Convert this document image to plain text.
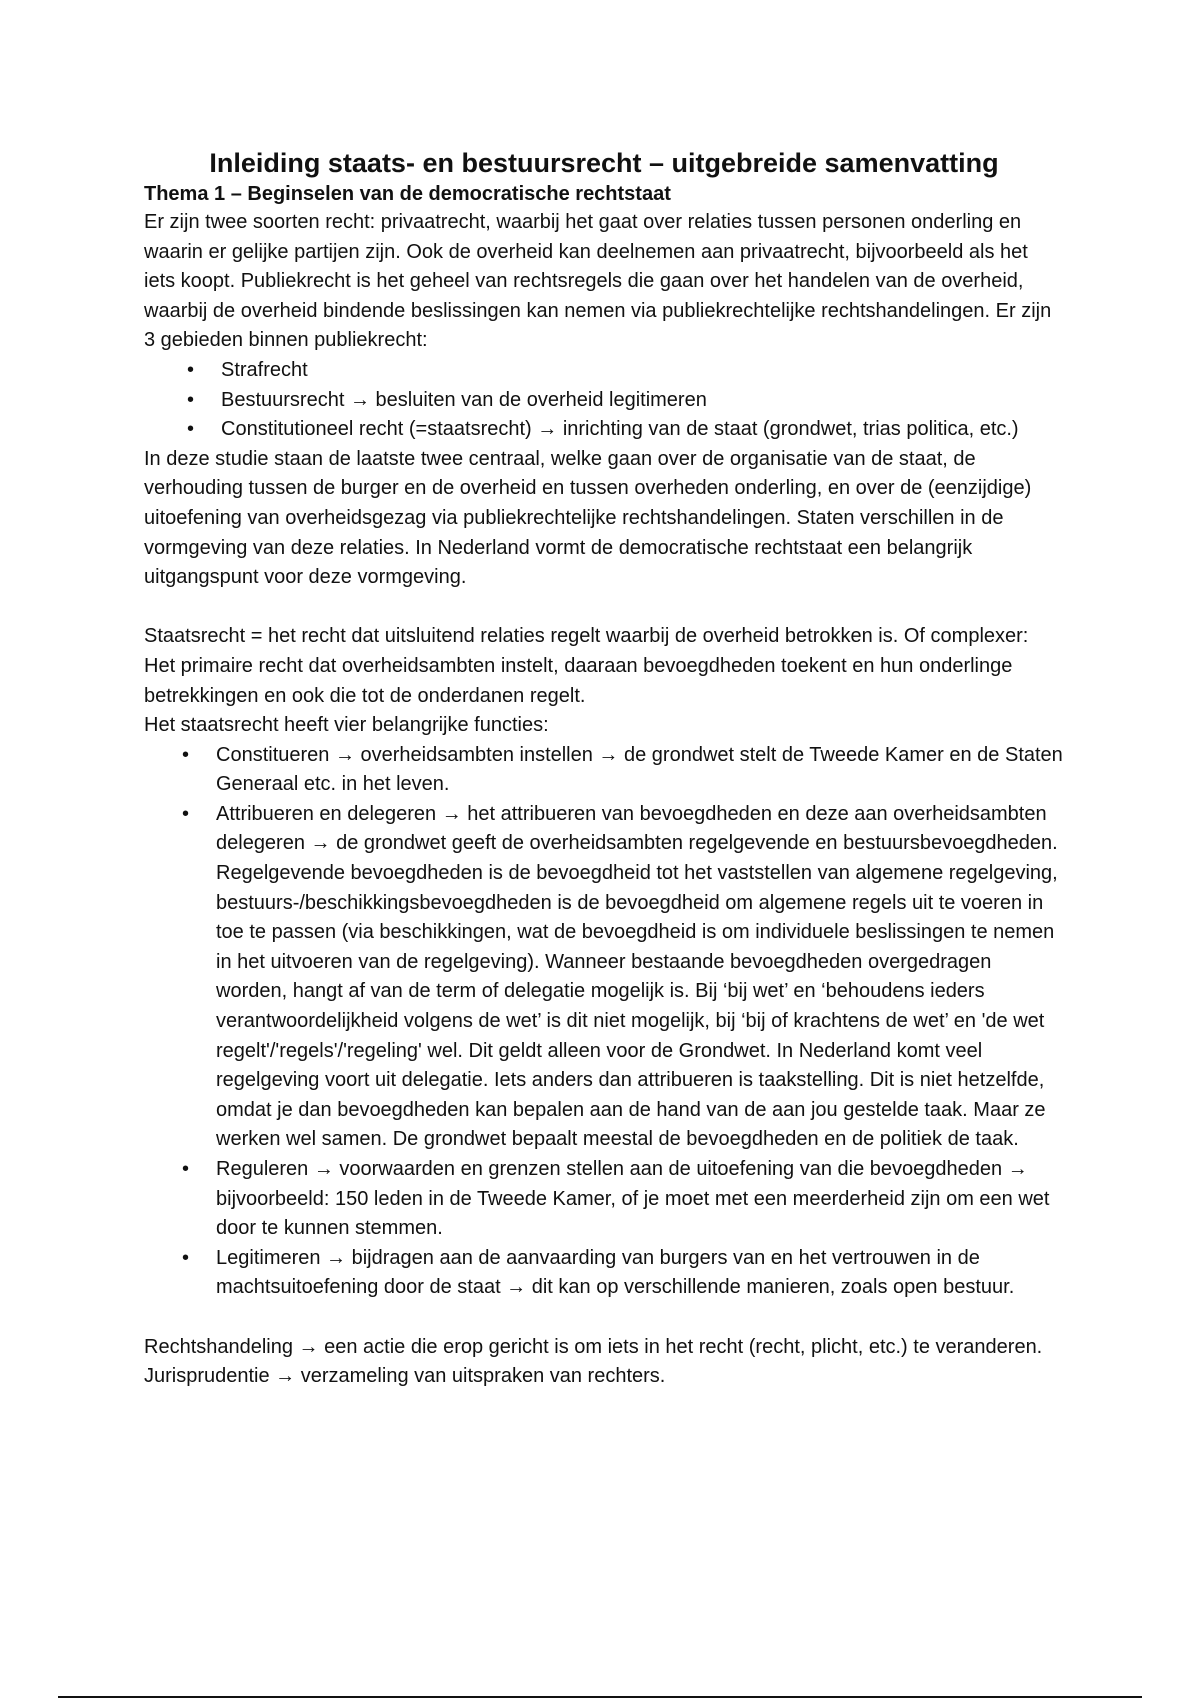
Inleiding staats- en bestuursrecht – uitgebreide samenvatting
Thema 1 – Beginselen van de democratische rechtstaat

Er zijn twee soorten recht: privaatrecht, waarbij het gaat over relaties tussen personen onderling en waarin er gelijke partijen zijn. Ook de overheid kan deelnemen aan privaatrecht, bijvoorbeeld als het iets koopt. Publiekrecht is het geheel van rechtsregels die gaan over het handelen van de overheid, waarbij de overheid bindende beslissingen kan nemen via publiekrechtelijke rechtshandelingen. Er zijn 3 gebieden binnen publiekrecht:

• Strafrecht
• Bestuursrecht → besluiten van de overheid legitimeren
• Constitutioneel recht (=staatsrecht) → inrichting van de staat (grondwet, trias politica, etc.)

In deze studie staan de laatste twee centraal, welke gaan over de organisatie van de staat, de verhouding tussen de burger en de overheid en tussen overheden onderling, en over de (eenzijdige) uitoefening van overheidsgezag via publiekrechtelijke rechtshandelingen. Staten verschillen in de vormgeving van deze relaties. In Nederland vormt de democratische rechtstaat een belangrijk uitgangspunt voor deze vormgeving.

Staatsrecht = het recht dat uitsluitend relaties regelt waarbij de overheid betrokken is. Of complexer: Het primaire recht dat overheidsambten instelt, daaraan bevoegdheden toekent en hun onderlinge betrekkingen en ook die tot de onderdanen regelt.

Het staatsrecht heeft vier belangrijke functies:

• Constitueren → overheidsambten instellen → de grondwet stelt de Tweede Kamer en de Staten Generaal etc. in het leven.
• Attribueren en delegeren → het attribueren van bevoegdheden en deze aan overheidsambten delegeren → de grondwet geeft de overheidsambten regelgevende en bestuursbevoegdheden. Regelgevende bevoegdheden is de bevoegdheid tot het vaststellen van algemene regelgeving, bestuurs-/beschikkingsbevoegdheden is de bevoegdheid om algemene regels uit te voeren in toe te passen (via beschikkingen, wat de bevoegdheid is om individuele beslissingen te nemen in het uitvoeren van de regelgeving). Wanneer bestaande bevoegdheden overgedragen worden, hangt af van de term of delegatie mogelijk is. Bij ‘bij wet’ en ‘behoudens ieders verantwoordelijkheid volgens de wet’ is dit niet mogelijk, bij ‘bij of krachtens de wet’ en 'de wet regelt'/'regels'/'regeling' wel. Dit geldt alleen voor de Grondwet. In Nederland komt veel regelgeving voort uit delegatie. Iets anders dan attribueren is taakstelling. Dit is niet hetzelfde, omdat je dan bevoegdheden kan bepalen aan de hand van de aan jou gestelde taak. Maar ze werken wel samen. De grondwet bepaalt meestal de bevoegdheden en de politiek de taak.
• Reguleren → voorwaarden en grenzen stellen aan de uitoefening van die bevoegdheden → bijvoorbeeld: 150 leden in de Tweede Kamer, of je moet met een meerderheid zijn om een wet door te kunnen stemmen.
• Legitimeren → bijdragen aan de aanvaarding van burgers van en het vertrouwen in de machtsuitoefening door de staat → dit kan op verschillende manieren, zoals open bestuur.

Rechtshandeling → een actie die erop gericht is om iets in het recht (recht, plicht, etc.) te veranderen.

Jurisprudentie → verzameling van uitspraken van rechters.
